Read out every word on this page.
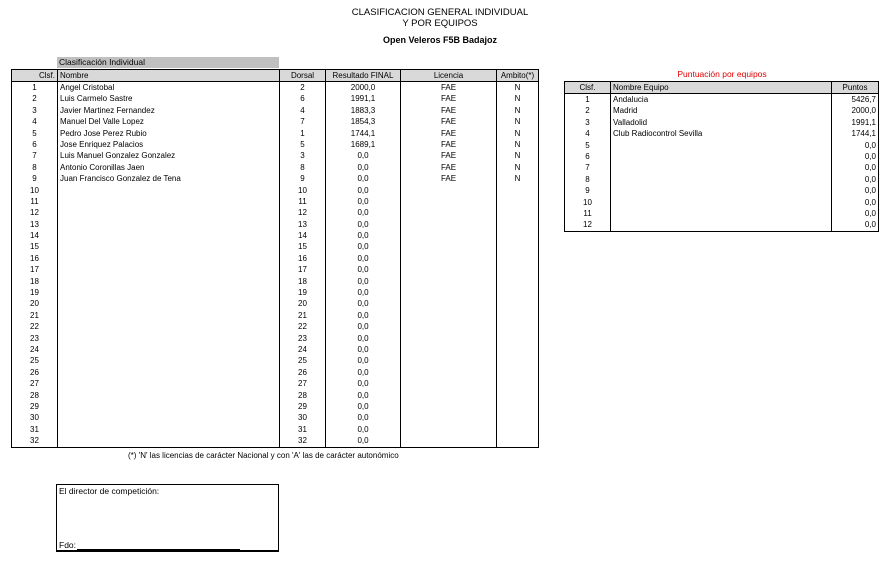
CLASIFICACION GENERAL INDIVIDUAL
Y POR EQUIPOS
Open Veleros F5B Badajoz
Clasificación Individual
Clsf.	Nombre	Dorsal	Resultado FINAL	Licencia	Ambito(*)
1	Angel Cristobal	2	2000,0	FAE	N
2	Luis Carmelo Sastre	6	1991,1	FAE	N
3	Javier Martinez Fernandez	4	1883,3	FAE	N
4	Manuel Del Valle Lopez	7	1854,3	FAE	N
5	Pedro Jose Perez Rubio	1	1744,1	FAE	N
6	Jose Enriquez Palacios	5	1689,1	FAE	N
7	Luis Manuel Gonzalez Gonzalez	3	0,0	FAE	N
8	Antonio Coronillas Jaen	8	0,0	FAE	N
9	Juan Francisco Gonzalez de Tena	9	0,0	FAE	N
10		10	0,0		
11		11	0,0		
12		12	0,0		
13		13	0,0		
14		14	0,0		
15		15	0,0		
16		16	0,0		
17		17	0,0		
18		18	0,0		
19		19	0,0		
20		20	0,0		
21		21	0,0		
22		22	0,0		
23		23	0,0		
24		24	0,0		
25		25	0,0		
26		26	0,0		
27		27	0,0		
28		28	0,0		
29		29	0,0		
30		30	0,0		
31		31	0,0		
32		32	0,0		
Puntuación por equipos
Clsf.	Nombre Equipo	Puntos
1	Andalucia	5426,7
2	Madrid	2000,0
3	Valladolid	1991,1
4	Club Radiocontrol Sevilla	1744,1
5		0,0
6		0,0
7		0,0
8		0,0
9		0,0
10		0,0
11		0,0
12		0,0
(*) 'N' las licencias de carácter Nacional y con 'A' las de carácter autonómico
El director de competición:
Fdo:
